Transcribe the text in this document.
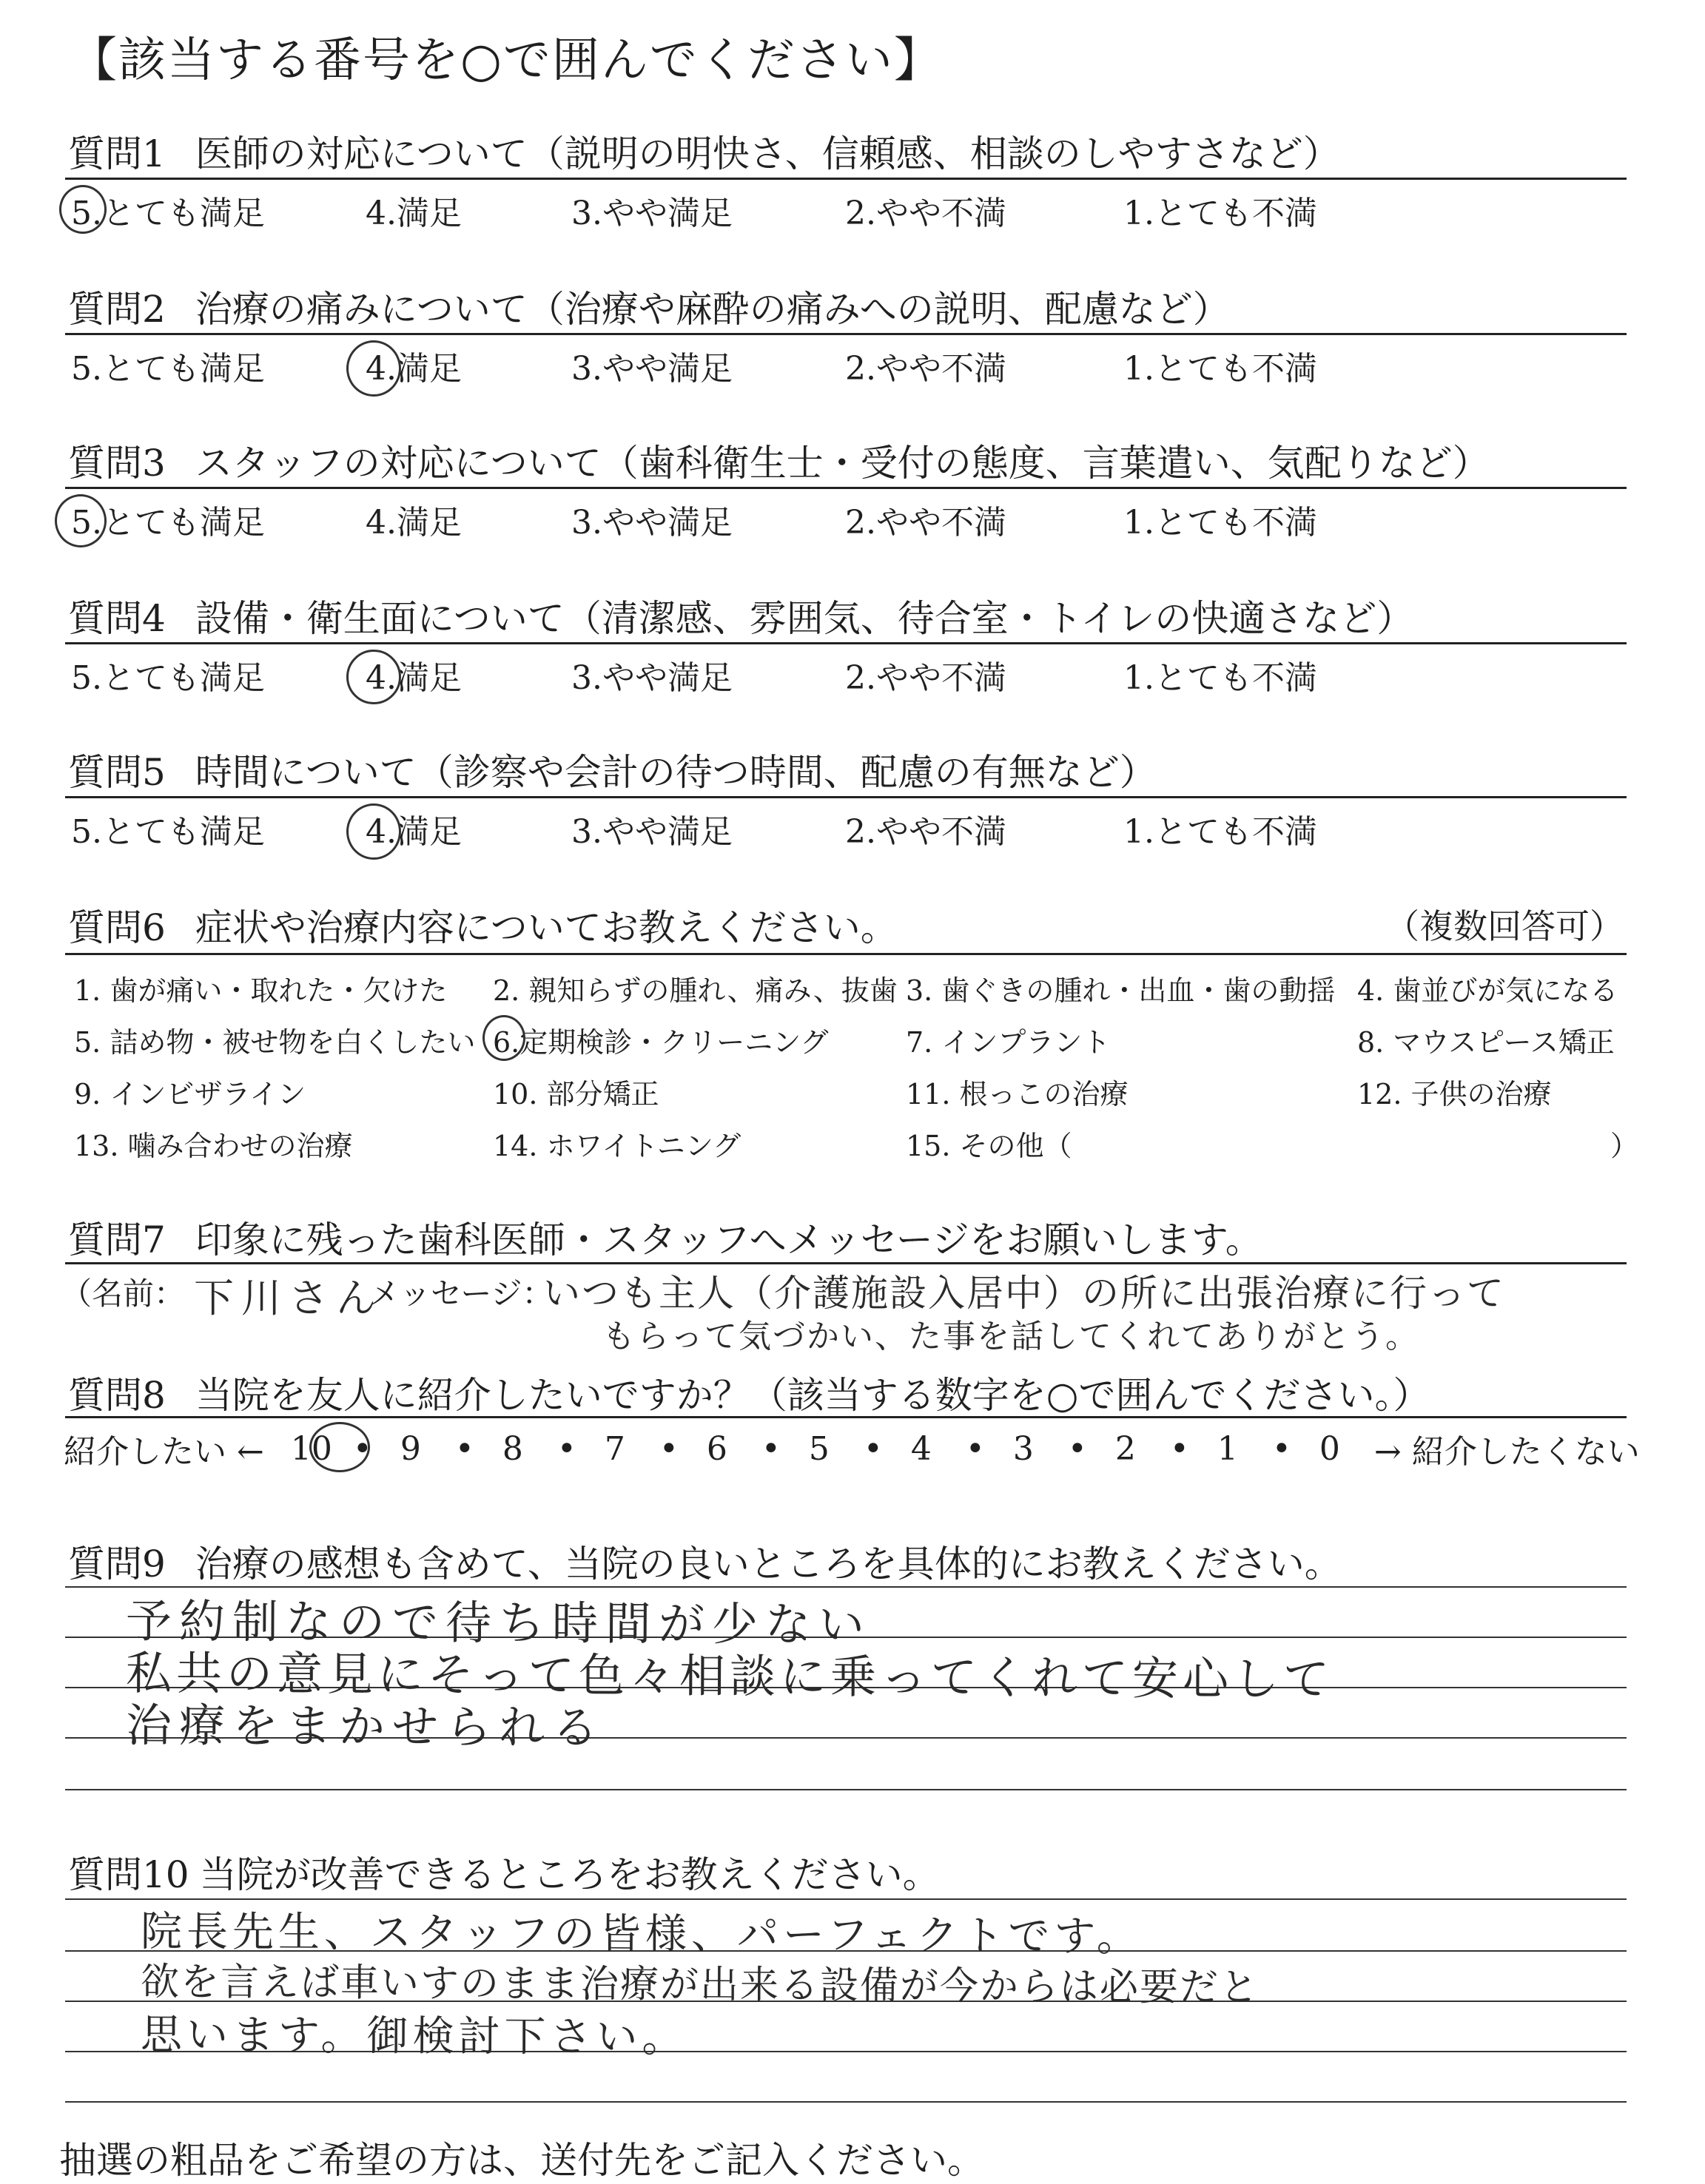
【該当する番号を○で囲んでください】
質問1 医師の対応について（説明の明快さ、信頼感、相談のしやすさなど）
5.とても満足	4.満足	3.やや満足	2.やや不満	1.とても不満
質問2 治療の痛みについて（治療や麻酔の痛みへの説明、配慮など）
5.とても満足	4.満足	3.やや満足	2.やや不満	1.とても不満
質問3 スタッフの対応について（歯科衛生士・受付の態度、言葉遣い、気配りなど）
5.とても満足	4.満足	3.やや満足	2.やや不満	1.とても不満
質問4 設備・衛生面について（清潔感、雰囲気、待合室・トイレの快適さなど）
5.とても満足	4.満足	3.やや満足	2.やや不満	1.とても不満
質問5 時間について（診察や会計の待つ時間、配慮の有無など）
5.とても満足	4.満足	3.やや満足	2.やや不満	1.とても不満
質問6 症状や治療内容についてお教えください。	（複数回答可）
1. 歯が痛い・取れた・欠けた 2. 親知らずの腫れ、痛み、抜歯 3. 歯ぐきの腫れ・出血・歯の動揺 4. 歯並びが気になる
5. 詰め物・被せ物を白くしたい 6.定期検診・クリーニング	7. インプラント	8. マウスピース矯正
9. インビザライン	10. 部分矯正	11. 根っこの治療	12. 子供の治療
13. 噛み合わせの治療	14. ホワイトニング	15. その他（	）
質問7 印象に残った歯科医師・スタッフへメッセージをお願いします。
（名前： 下川さん
メッセージ：
いつも主人（介護施設入居中）の所に出張治療に行って
もらって気づかい、た事を話してくれてありがとう。
質問8 当院を友人に紹介したいですか？（該当する数字を○で囲んでください。）
紹介したい ← 10 • 9 • 8 • 7 • 6 • 5 • 4 • 3 • 2 • 1 • 0 → 紹介したくない
質問9 治療の感想も含めて、当院の良いところを具体的にお教えください。
予約制なので待ち時間が少ない
私共の意見にそって色々相談に乗ってくれて安心して
治療をまかせられる
質問10 当院が改善できるところをお教えください。
院長先生、スタッフの皆様、パーフェクトです。
欲を言えば車いすのまま治療が出来る設備が今からは必要だと
思います。御検討下さい。
抽選の粗品をご希望の方は、送付先をご記入ください。
